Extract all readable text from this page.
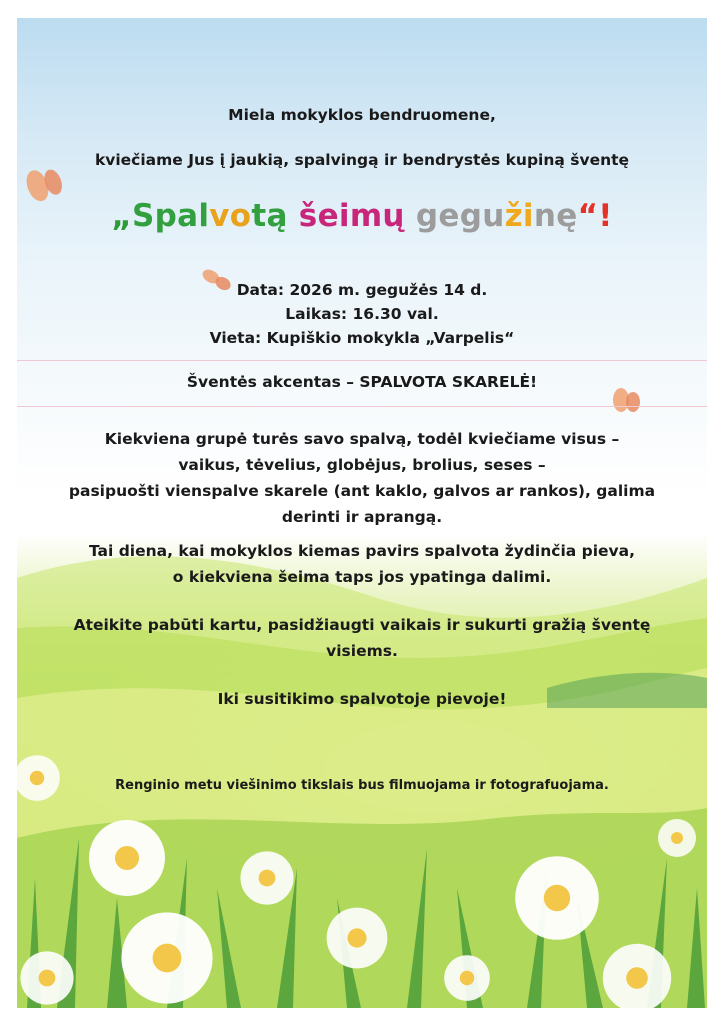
Miela mokyklos bendruomene,
kviečiame Jus į jaukią, spalvingą ir bendrystės kupiną šventę
„Spalvotą šeimų gegužinę“!
Data: 2026 m. gegužės 14 d.
Laikas: 16.30 val.
Vieta: Kupiškio mokykla „Varpelis“
Šventės akcentas – SPALVOTA SKARELĖ!
Kiekviena grupė turės savo spalvą, todėl kviečiame visus –
vaikus, tėvelius, globėjus, brolius, seses –
pasipuošti vienspalve skarele (ant kaklo, galvos ar rankos), galima
derinti ir aprangą.
Tai diena, kai mokyklos kiemas pavirs spalvota žydinčia pieva,
o kiekviena šeima taps jos ypatinga dalimi.
Ateikite pabūti kartu, pasidžiaugti vaikais ir sukurti gražią šventę
visiems.
Iki susitikimo spalvotoje pievoje!
Renginio metu viešinimo tikslais bus filmuojama ir fotografuojama.
